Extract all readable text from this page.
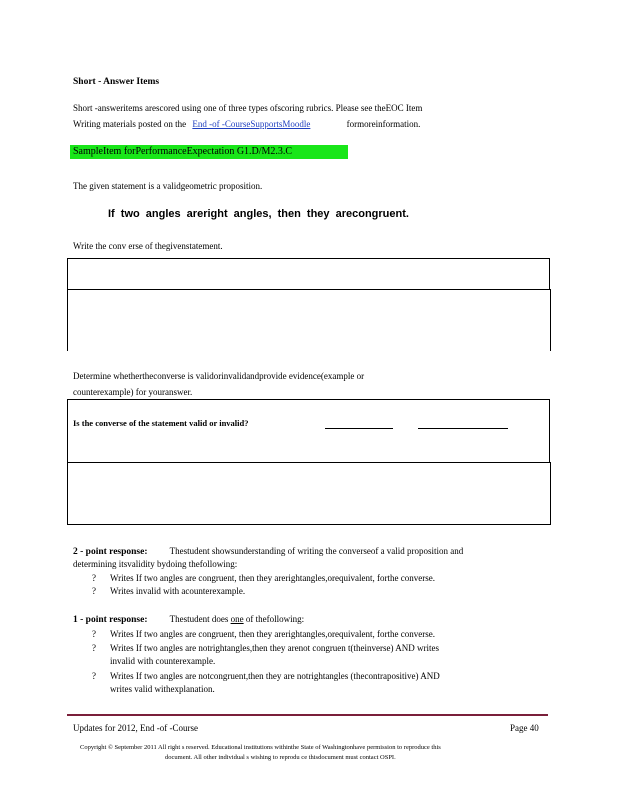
Short - Answer Items
Short -answeritems arescored using one of three types ofscoring rubrics. Please see theEOC Item
Writing materials posted on the End -of -CourseSupportsMoodle	formoreinformation.
SampleItem forPerformanceExpectation G1.D/M2.3.C
The given statement is a validgeometric proposition.
If two angles areright angles, then they arecongruent.
Write the conv erse of thegivenstatement.
Determine whethertheconverse is validorinvalidandprovide evidence(example or
counterexample) for youranswer.
Is the converse of the statement valid or invalid?
2 - point response: Thestudent showsunderstanding of writing the converseof a valid proposition and
determining itsvalidity bydoing thefollowing:
? Writes If two angles are congruent, then they arerightangles,orequivalent, forthe converse.
? Writes invalid with acounterexample.
1 - point response: Thestudent does one of thefollowing:
? Writes If two angles are congruent, then they arerightangles,orequivalent, forthe converse.
? Writes If two angles are notrightangles,then they arenot congruen t(theinverse) AND writes
invalid with counterexample.
? Writes If two angles are notcongruent,then they are notrightangles (thecontrapositive) AND
writes valid withexplanation.
Updates for 2012, End -of -Course	Page 40
Copyright © September 2011 All right s reserved. Educational institutions withinthe State of Washingtonhave permission to reproduce this
document. All other individual s wishing to reprodu ce thisdocument must contact OSPI.
